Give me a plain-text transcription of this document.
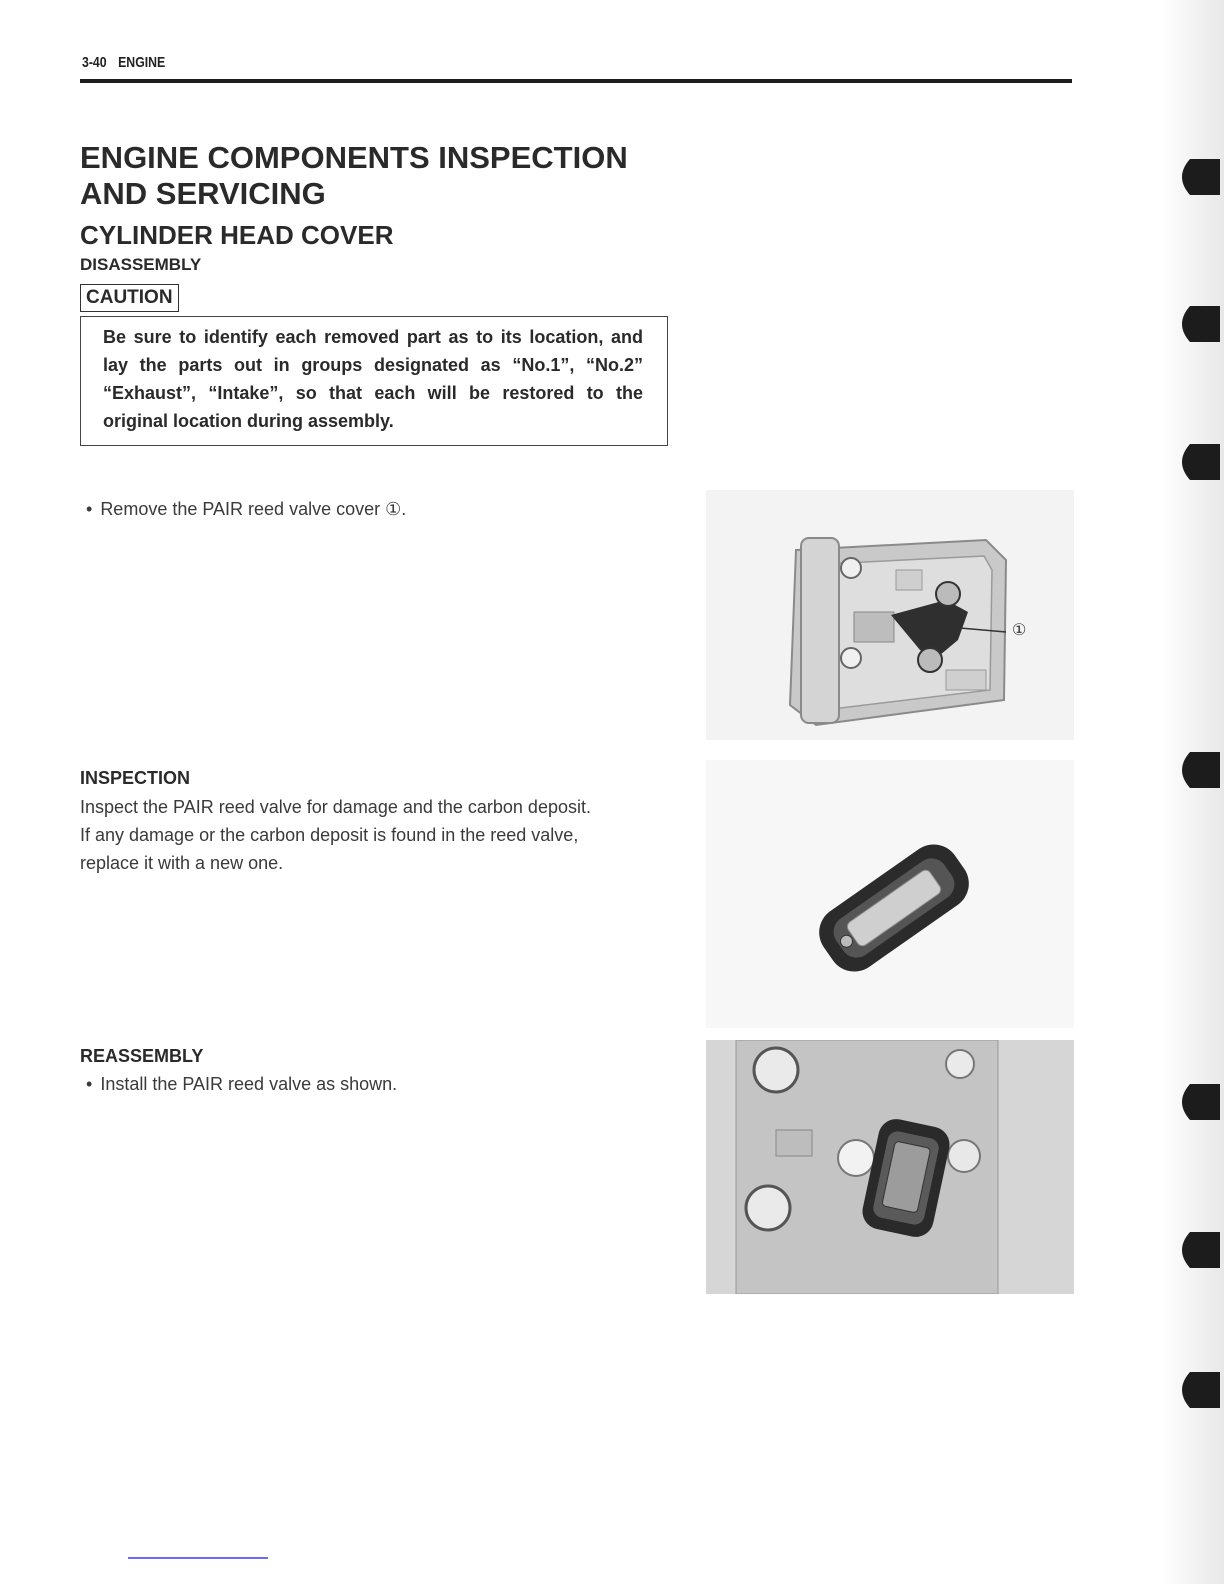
3-40 ENGINE
ENGINE COMPONENTS INSPECTION
AND SERVICING
CYLINDER HEAD COVER
DISASSEMBLY
CAUTION

Be sure to identify each removed part as to its location, and lay the parts out in groups designated as “No.1”, “No.2” “Exhaust”, “Intake”, so that each will be restored to the original location during assembly.

• Remove the PAIR reed valve cover ①.
①
INSPECTION
Inspect the PAIR reed valve for damage and the carbon deposit.
If any damage or the carbon deposit is found in the reed valve,
replace it with a new one.
REASSEMBLY
• Install the PAIR reed valve as shown.
